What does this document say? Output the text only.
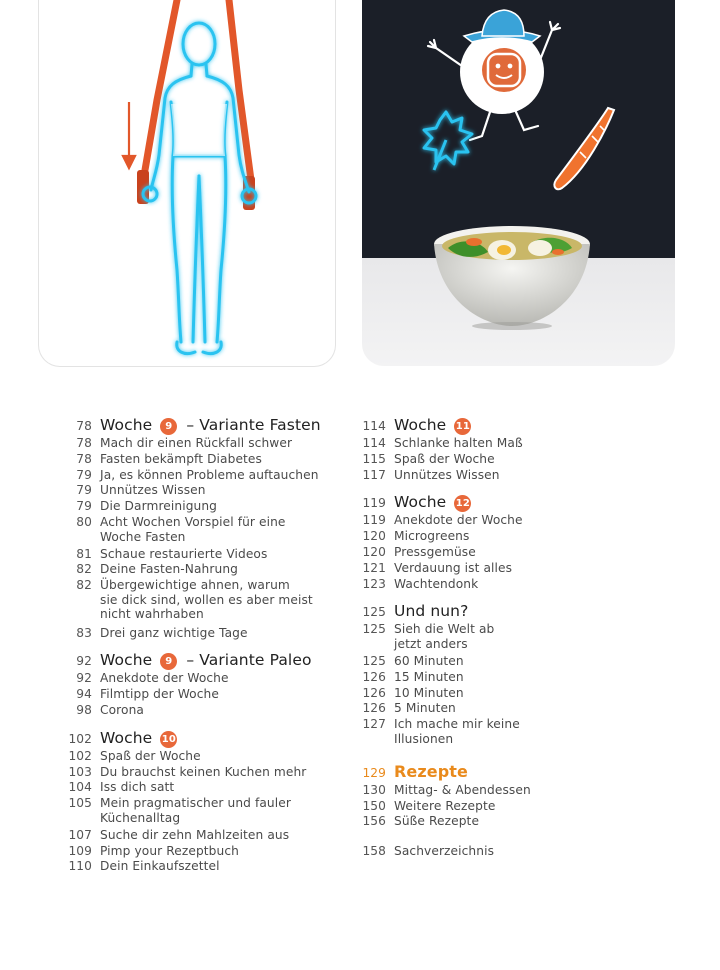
78 Woche 9 – Variante Fasten
78 Mach dir einen Rückfall schwer
78 Fasten bekämpft Diabetes
79 Ja, es können Probleme auftauchen
79 Unnützes Wissen
79 Die Darmreinigung
80 Acht Wochen Vorspiel für eine
Woche Fasten
81 Schaue restaurierte Videos
82 Deine Fasten-Nahrung
82 Übergewichtige ahnen, warum
sie dick sind, wollen es aber meist
nicht wahrhaben
83 Drei ganz wichtige Tage
92 Woche 9 – Variante Paleo
92 Anekdote der Woche
94 Filmtipp der Woche
98 Corona
102 Woche 10
102 Spaß der Woche
103 Du brauchst keinen Kuchen mehr
104 Iss dich satt
105 Mein pragmatischer und fauler
Küchenalltag
107 Suche dir zehn Mahlzeiten aus
109 Pimp your Rezeptbuch
110 Dein Einkaufszettel
114 Woche 11
114 Schlanke halten Maß
115 Spaß der Woche
117 Unnützes Wissen
119 Woche 12
119 Anekdote der Woche
120 Microgreens
120 Pressgemüse
121 Verdauung ist alles
123 Wachtendonk
125 Und nun?
125 Sieh die Welt ab
jetzt anders
125 60 Minuten
126 15 Minuten
126 10 Minuten
126 5 Minuten
127 Ich mache mir keine
Illusionen
129 Rezepte
130 Mittag- & Abendessen
150 Weitere Rezepte
156 Süße Rezepte
158 Sachverzeichnis
